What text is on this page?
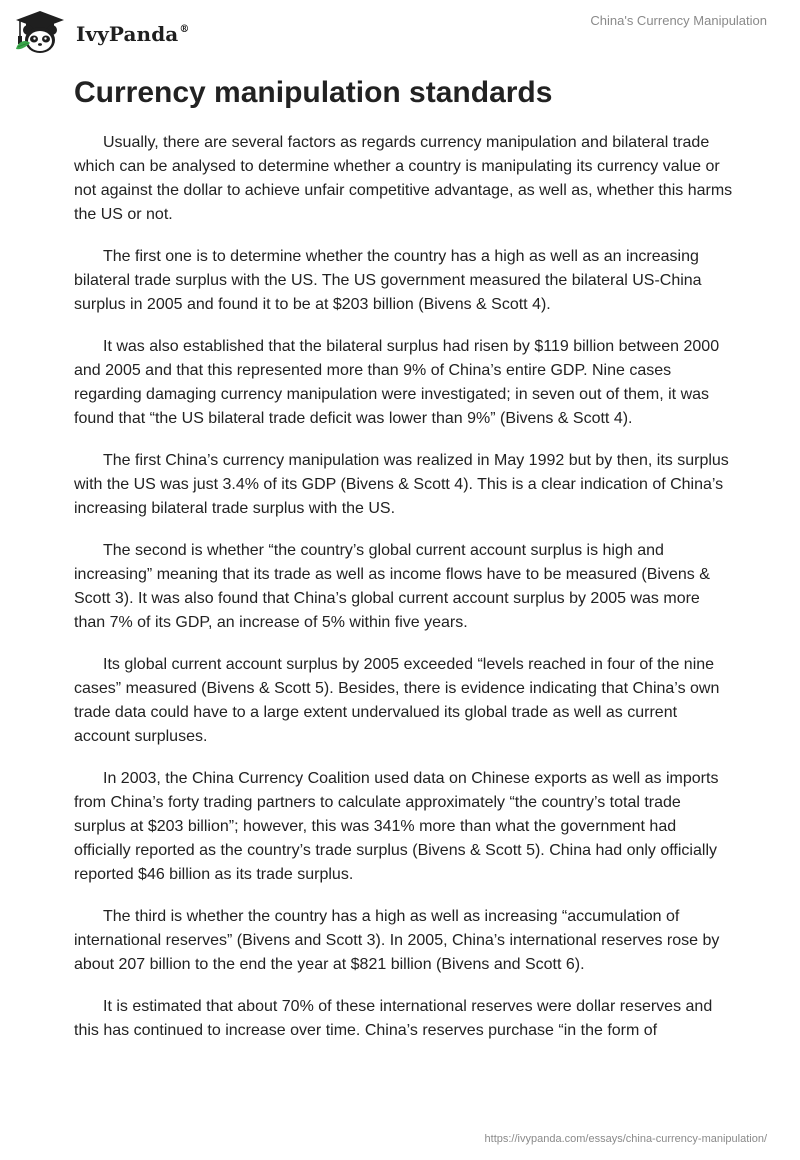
IvyPanda®
China's Currency Manipulation
Currency manipulation standards

Usually, there are several factors as regards currency manipulation and bilateral trade which can be analysed to determine whether a country is manipulating its currency value or not against the dollar to achieve unfair competitive advantage, as well as, whether this harms the US or not.

The first one is to determine whether the country has a high as well as an increasing bilateral trade surplus with the US. The US government measured the bilateral US-China surplus in 2005 and found it to be at $203 billion (Bivens & Scott 4).

It was also established that the bilateral surplus had risen by $119 billion between 2000 and 2005 and that this represented more than 9% of China’s entire GDP. Nine cases regarding damaging currency manipulation were investigated; in seven out of them, it was found that “the US bilateral trade deficit was lower than 9%” (Bivens & Scott 4).

The first China’s currency manipulation was realized in May 1992 but by then, its surplus with the US was just 3.4% of its GDP (Bivens & Scott 4). This is a clear indication of China’s increasing bilateral trade surplus with the US.

The second is whether “the country’s global current account surplus is high and increasing” meaning that its trade as well as income flows have to be measured (Bivens & Scott 3). It was also found that China’s global current account surplus by 2005 was more than 7% of its GDP, an increase of 5% within five years.

Its global current account surplus by 2005 exceeded “levels reached in four of the nine cases” measured (Bivens & Scott 5). Besides, there is evidence indicating that China’s own trade data could have to a large extent undervalued its global trade as well as current account surpluses.

In 2003, the China Currency Coalition used data on Chinese exports as well as imports from China’s forty trading partners to calculate approximately “the country’s total trade surplus at $203 billion”; however, this was 341% more than what the government had officially reported as the country’s trade surplus (Bivens & Scott 5). China had only officially reported $46 billion as its trade surplus.

The third is whether the country has a high as well as increasing “accumulation of international reserves” (Bivens and Scott 3). In 2005, China’s international reserves rose by about 207 billion to the end the year at $821 billion (Bivens and Scott 6).

It is estimated that about 70% of these international reserves were dollar reserves and this has continued to increase over time. China’s reserves purchase “in the form of

https://ivypanda.com/essays/china-currency-manipulation/
